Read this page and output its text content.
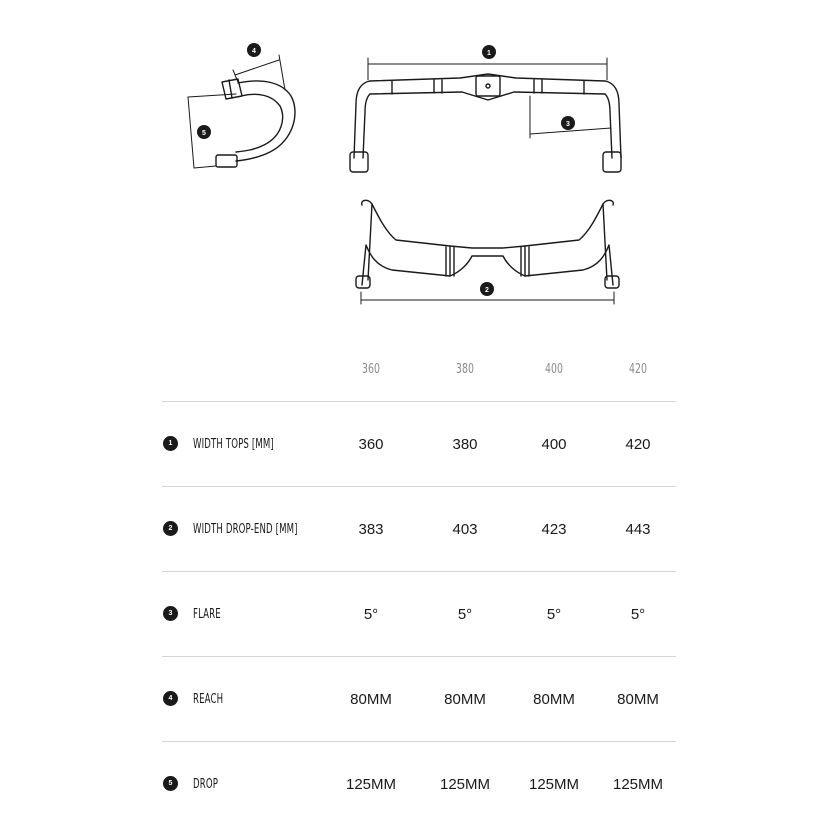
1
2
3
4
5
360	380	400	420
1	WIDTH TOPS [MM]	360	380	400	420
2	WIDTH DROP-END [MM]	383	403	423	443
3	FLARE	5°	5°	5°	5°
4	REACH	80MM	80MM	80MM	80MM
5	DROP	125MM	125MM	125MM 125MM
